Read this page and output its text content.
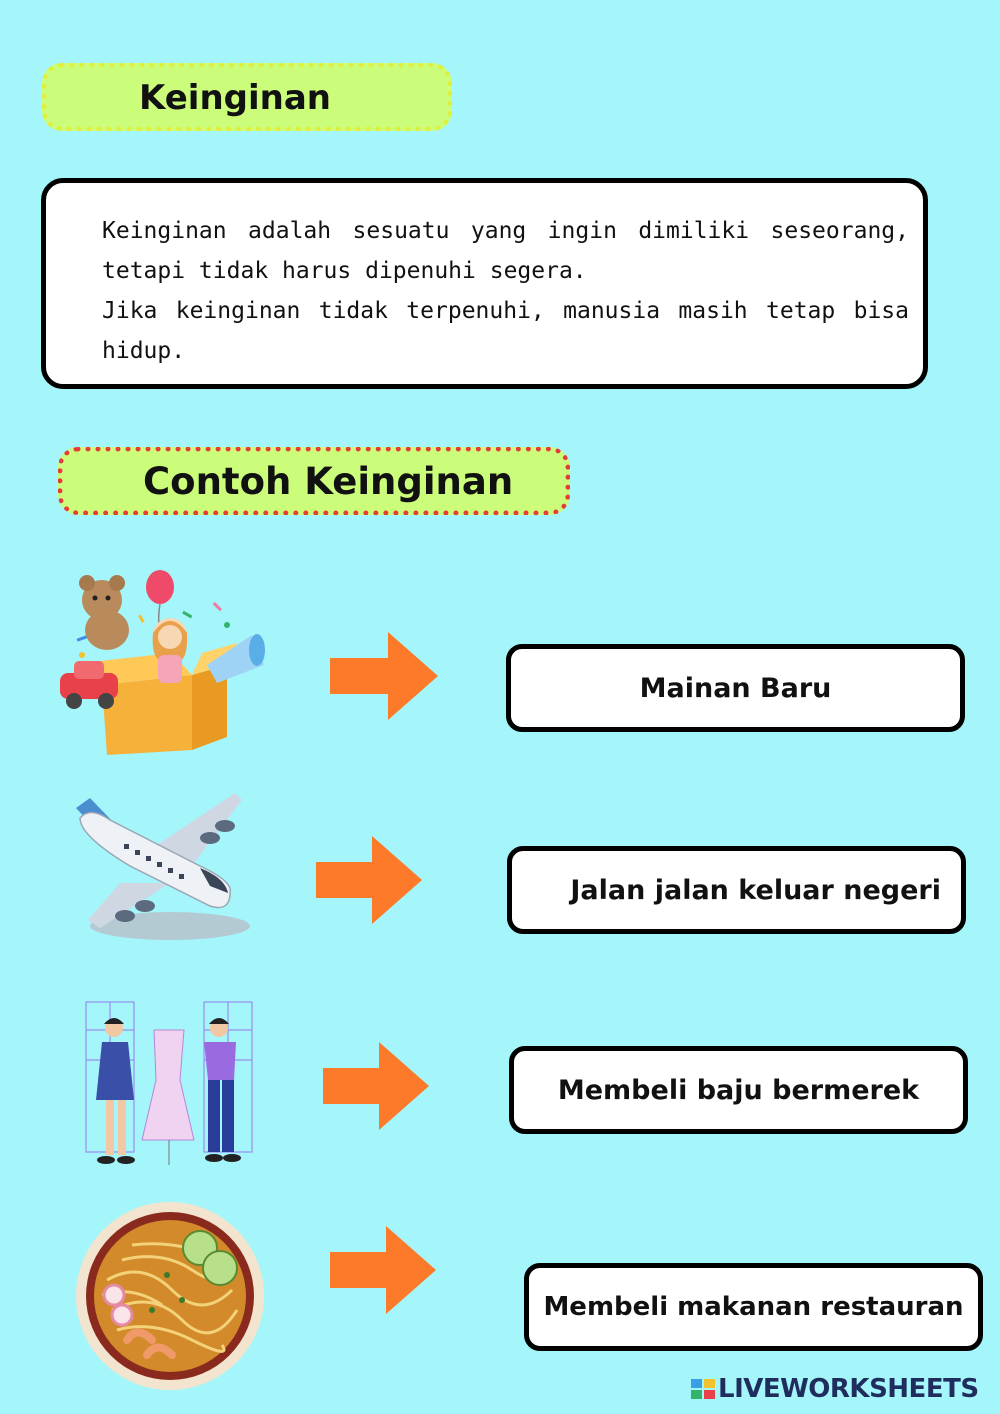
Keinginan

Keinginan adalah sesuatu yang ingin dimiliki seseorang, tetapi tidak harus dipenuhi segera.

Jika keinginan tidak terpenuhi, manusia masih tetap bisa hidup.

Contoh Keinginan
Mainan Baru
Jalan jalan keluar negeri
Membeli baju bermerek
Membeli makanan restauran
LIVEWORKSHEETS
